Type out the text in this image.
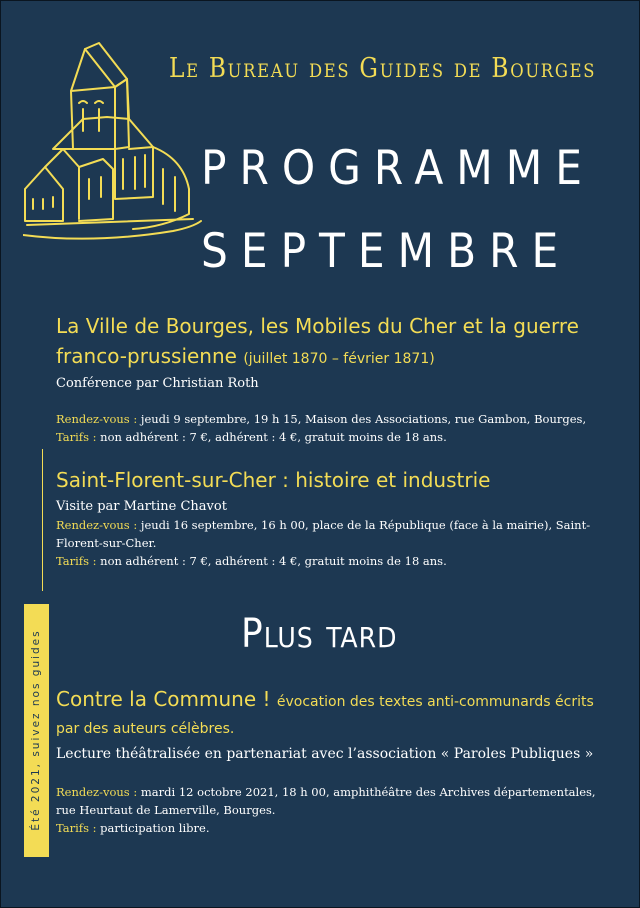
Le Bureau des Guides de Bourges
PROGRAMME
SEPTEMBRE
La Ville de Bourges, les Mobiles du Cher et la guerre franco-prussienne (juillet 1870 – février 1871)
Conférence par Christian Roth
Rendez-vous : jeudi 9 septembre, 19 h 15, Maison des Associations, rue Gambon, Bourges,
Tarifs : non adhérent : 7 €, adhérent : 4 €, gratuit moins de 18 ans.
Saint-Florent-sur-Cher : histoire et industrie
Visite par Martine Chavot
Rendez-vous : jeudi 16 septembre, 16 h 00, place de la République (face à la mairie), Saint-Florent-sur-Cher.
Tarifs : non adhérent : 7 €, adhérent : 4 €, gratuit moins de 18 ans.
Plus tard
Contre la Commune ! évocation des textes anti-communards écrits par des auteurs célèbres.
Lecture théâtralisée en partenariat avec l’association « Paroles Publiques »
Rendez-vous : mardi 12 octobre 2021, 18 h 00, amphithéâtre des Archives départementales, rue Heurtaut de Lamerville, Bourges.
Tarifs : participation libre.
Été 2021, suivez nos guides
